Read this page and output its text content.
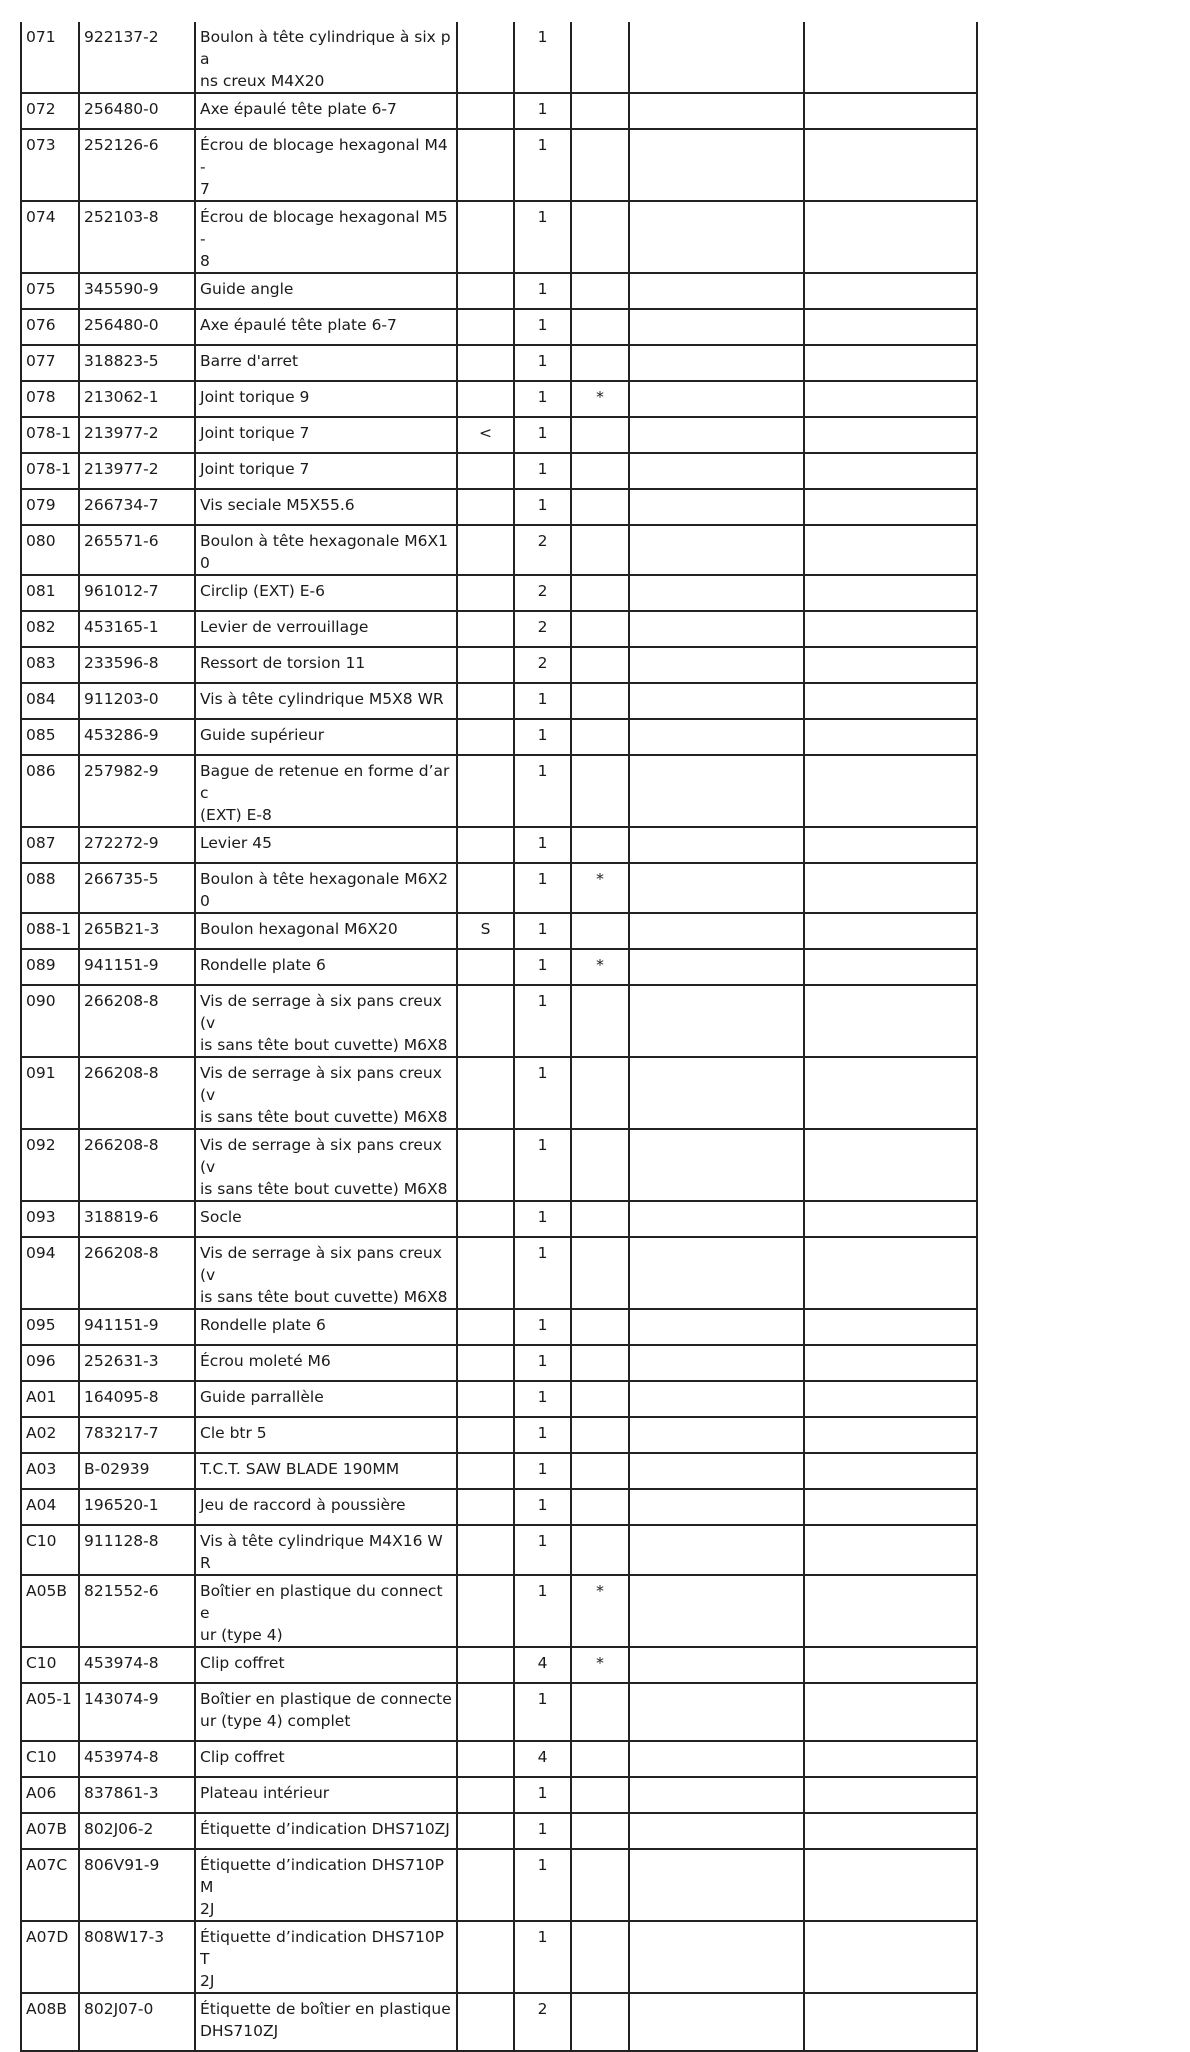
071	922137-2	Boulon à tête cylindrique à six pa
ns creux M4X20		1			
072	256480-0	Axe épaulé tête plate 6-7		1			
073	252126-6	Écrou de blocage hexagonal M4-
7		1			
074	252103-8	Écrou de blocage hexagonal M5-
8		1			
075	345590-9	Guide angle		1			
076	256480-0	Axe épaulé tête plate 6-7		1			
077	318823-5	Barre d'arret		1			
078	213062-1	Joint torique 9		1	*		
078-1	213977-2	Joint torique 7	<	1			
078-1	213977-2	Joint torique 7		1			
079	266734-7	Vis seciale M5X55.6		1			
080	265571-6	Boulon à tête hexagonale M6X10		2			
081	961012-7	Circlip (EXT) E-6		2			
082	453165-1	Levier de verrouillage		2			
083	233596-8	Ressort de torsion 11		2			
084	911203-0	Vis à tête cylindrique M5X8 WR		1			
085	453286-9	Guide supérieur		1			
086	257982-9	Bague de retenue en forme d’arc
(EXT) E-8		1			
087	272272-9	Levier 45		1			
088	266735-5	Boulon à tête hexagonale M6X20		1	*		
088-1	265B21-3	Boulon hexagonal M6X20	S	1			
089	941151-9	Rondelle plate 6		1	*		
090	266208-8	Vis de serrage à six pans creux (v
is sans tête bout cuvette) M6X8		1			
091	266208-8	Vis de serrage à six pans creux (v
is sans tête bout cuvette) M6X8		1			
092	266208-8	Vis de serrage à six pans creux (v
is sans tête bout cuvette) M6X8		1			
093	318819-6	Socle		1			
094	266208-8	Vis de serrage à six pans creux (v
is sans tête bout cuvette) M6X8		1			
095	941151-9	Rondelle plate 6		1			
096	252631-3	Écrou moleté M6		1			
A01	164095-8	Guide parrallèle		1			
A02	783217-7	Cle btr 5		1			
A03	B-02939	T.C.T. SAW BLADE 190MM		1			
A04	196520-1	Jeu de raccord à poussière		1			
C10	911128-8	Vis à tête cylindrique M4X16 WR		1			
A05B	821552-6	Boîtier en plastique du connecte
ur (type 4)		1	*		
C10	453974-8	Clip coffret		4	*		
A05-1	143074-9	Boîtier en plastique de connecte
ur (type 4) complet		1			
C10	453974-8	Clip coffret		4			
A06	837861-3	Plateau intérieur		1			
A07B	802J06-2	Étiquette d’indication DHS710ZJ		1			
A07C	806V91-9	Étiquette d’indication DHS710PM
2J		1			
A07D	808W17-3	Étiquette d’indication DHS710PT
2J		1			
A08B	802J07-0	Étiquette de boîtier en plastique
DHS710ZJ		2			
